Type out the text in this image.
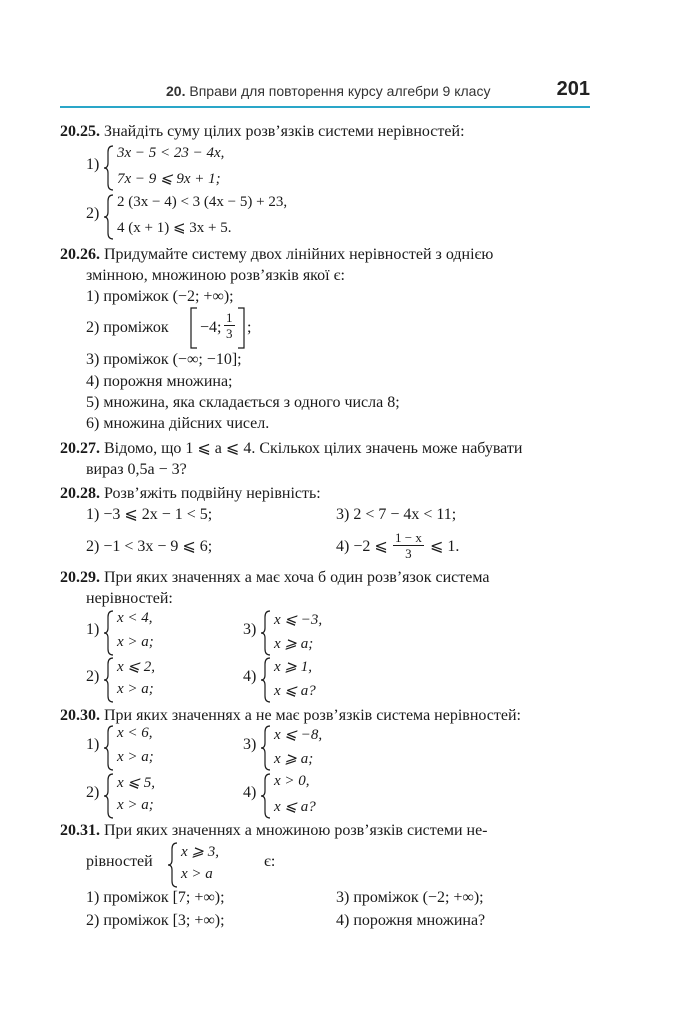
20. Вправи для повторення курсу алгебри 9 класу	201
20.25. Знайдіть суму цілих розв’язків системи нерівностей:
1)
3x − 5 < 23 − 4x,
7x − 9 ⩽ 9x + 1;
2)
2 (3x − 4) < 3 (4x − 5) + 23,
4 (x + 1) ⩽ 3x + 5.
20.26. Придумайте систему двох лінійних нерівностей з однією
змінною, множиною розв’язків якої є:
1) проміжок (−2; +∞);
2) проміжок −4; $\frac{1}{3}$ ;
3) проміжок (−∞; −10];
4) порожня множина;
5) множина, яка складається з одного числа 8;
6) множина дійсних чисел.
20.27. Відомо, що 1 ⩽ a ⩽ 4. Скількох цілих значень може набувати
вираз 0,5a − 3?
20.28. Розв’яжіть подвійну нерівність:
1) −3 ⩽ 2x − 1 < 5;	3) 2 < 7 − 4x < 11;
2) −1 < 3x − 9 ⩽ 6;	4) −2 ⩽ $\frac{1 - x}{3}$ ⩽ 1.
20.29. При яких значеннях a має хоча б один розв’язок система
нерівностей:
1)
x < 4,
x > a;
3)
x ⩽ −3,
x ⩾ a;
2)
x ⩽ 2,
x > a;
4)
x ⩾ 1,
x ⩽ a?
20.30. При яких значеннях a не має розв’язків система нерівностей:
1)
x < 6,
x > a;
3)
x ⩽ −8,
x ⩾ a;
2)
x ⩽ 5,
x > a;
4)
x > 0,
x ⩽ a?
20.31. При яких значеннях a множиною розв’язків системи не-
рівностей
x ⩾ 3,
x > a
є:
1) проміжок [7; +∞);	3) проміжок (−2; +∞);
2) проміжок [3; +∞);	4) порожня множина?
